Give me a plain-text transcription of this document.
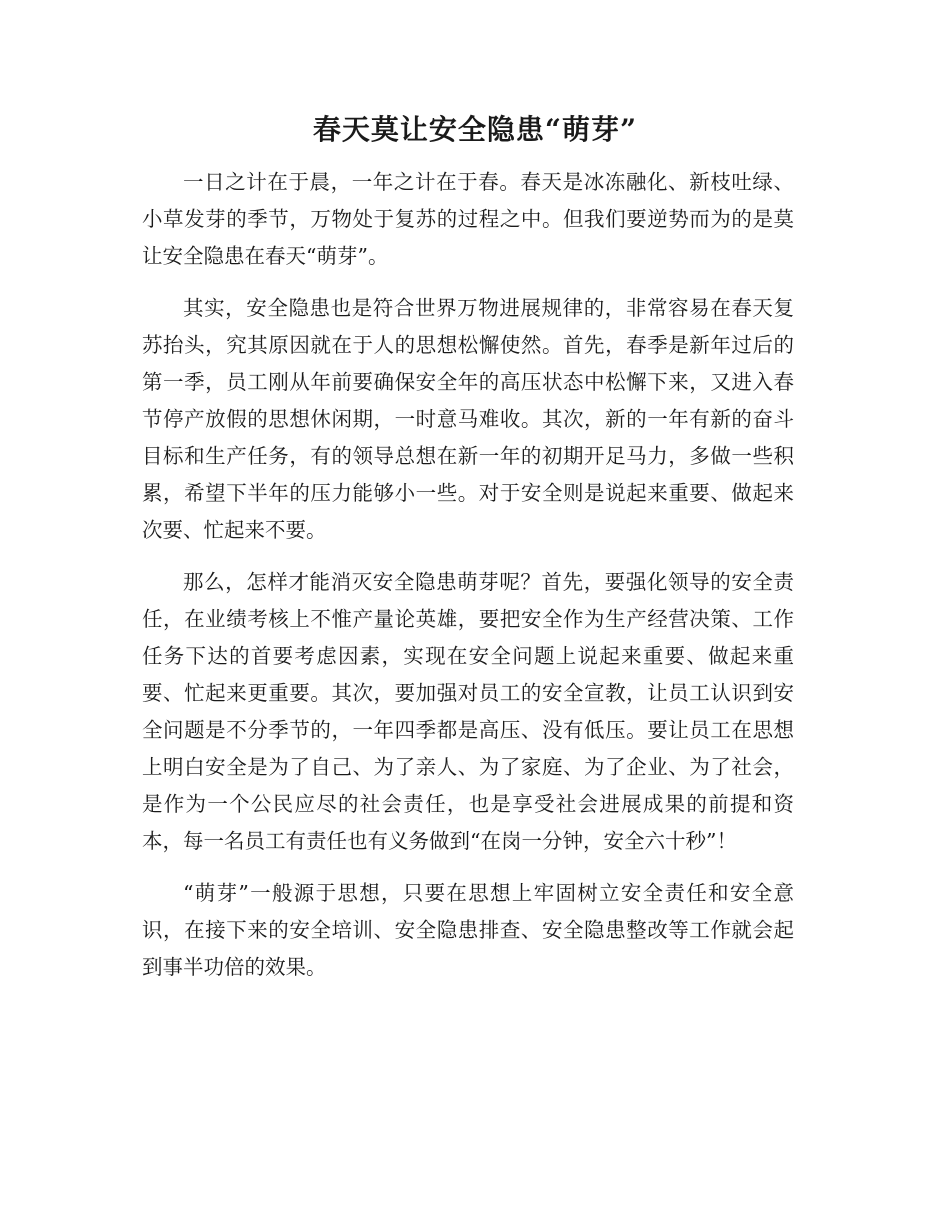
春天莫让安全隐患“萌芽”

一日之计在于晨，一年之计在于春。春天是冰冻融化、新枝吐绿、小草发芽的季节，万物处于复苏的过程之中。但我们要逆势而为的是莫让安全隐患在春天“萌芽”。

其实，安全隐患也是符合世界万物进展规律的，非常容易在春天复苏抬头，究其原因就在于人的思想松懈使然。首先，春季是新年过后的第一季，员工刚从年前要确保安全年的高压状态中松懈下来，又进入春节停产放假的思想休闲期，一时意马难收。其次，新的一年有新的奋斗目标和生产任务，有的领导总想在新一年的初期开足马力，多做一些积累，希望下半年的压力能够小一些。对于安全则是说起来重要、做起来次要、忙起来不要。

那么，怎样才能消灭安全隐患萌芽呢？首先，要强化领导的安全责任，在业绩考核上不惟产量论英雄，要把安全作为生产经营决策、工作任务下达的首要考虑因素，实现在安全问题上说起来重要、做起来重要、忙起来更重要。其次，要加强对员工的安全宣教，让员工认识到安全问题是不分季节的，一年四季都是高压、没有低压。要让员工在思想上明白安全是为了自己、为了亲人、为了家庭、为了企业、为了社会，是作为一个公民应尽的社会责任，也是享受社会进展成果的前提和资本，每一名员工有责任也有义务做到“在岗一分钟，安全六十秒”！

“萌芽”一般源于思想，只要在思想上牢固树立安全责任和安全意识，在接下来的安全培训、安全隐患排查、安全隐患整改等工作就会起到事半功倍的效果。
